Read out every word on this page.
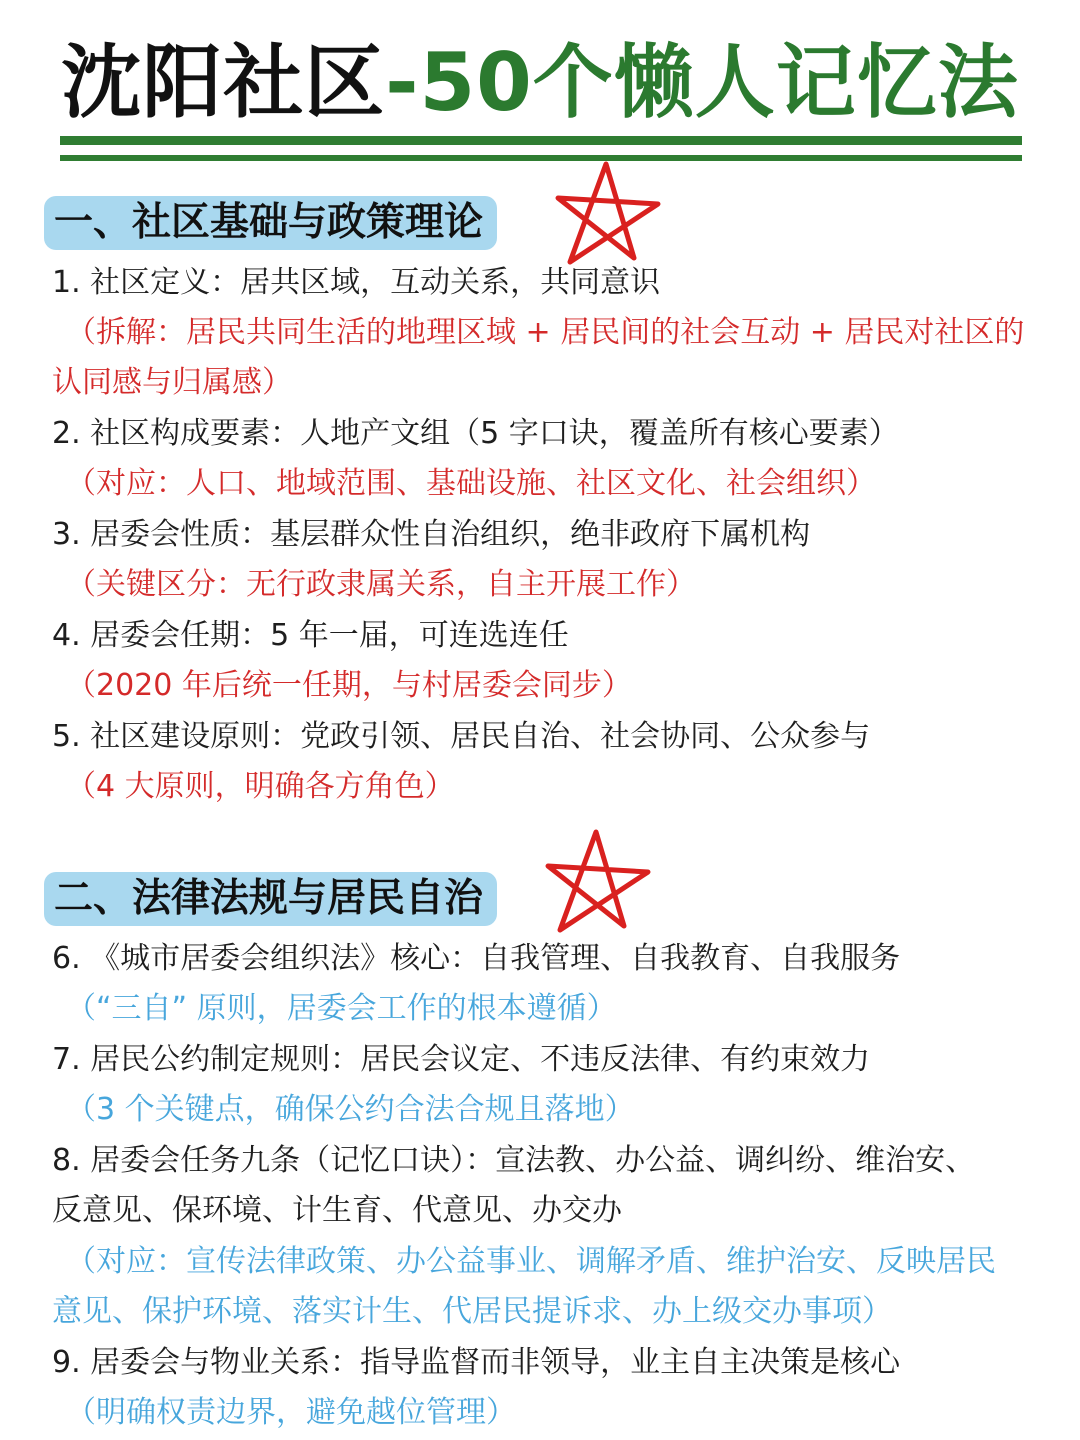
沈阳社区-50个懒人记忆法
一、社区基础与政策理论
1. 社区定义：居共区域，互动关系，共同意识
（拆解：居民共同生活的地理区域 + 居民间的社会互动 + 居民对社区的
认同感与归属感）
2. 社区构成要素：人地产文组（5 字口诀，覆盖所有核心要素）
（对应：人口、地域范围、基础设施、社区文化、社会组织）
3. 居委会性质：基层群众性自治组织，绝非政府下属机构
（关键区分：无行政隶属关系，自主开展工作）
4. 居委会任期：5 年一届，可连选连任
（2020 年后统一任期，与村居委会同步）
5. 社区建设原则：党政引领、居民自治、社会协同、公众参与
（4 大原则，明确各方角色）
二、法律法规与居民自治
6. 《城市居委会组织法》核心：自我管理、自我教育、自我服务
（“三自” 原则，居委会工作的根本遵循）
7. 居民公约制定规则：居民会议定、不违反法律、有约束效力
（3 个关键点，确保公约合法合规且落地）
8. 居委会任务九条（记忆口诀）：宣法教、办公益、调纠纷、维治安、
反意见、保环境、计生育、代意见、办交办
（对应：宣传法律政策、办公益事业、调解矛盾、维护治安、反映居民
意见、保护环境、落实计生、代居民提诉求、办上级交办事项）
9. 居委会与物业关系：指导监督而非领导，业主自主决策是核心
（明确权责边界，避免越位管理）
